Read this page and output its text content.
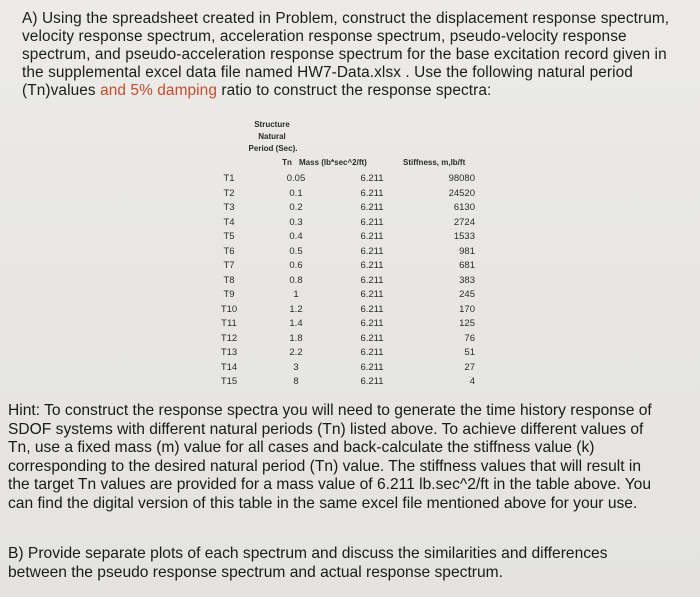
A) Using the spreadsheet created in Problem, construct the displacement response spectrum,

velocity response spectrum, acceleration response spectrum, pseudo-velocity response

spectrum, and pseudo-acceleration response spectrum for the base excitation record given in

the supplemental excel data file named HW7-Data.xlsx . Use the following natural period

(Tn)values and 5% damping ratio to construct the response spectra:

Structure
Natural
Period (Sec).
Tn Mass (lb*sec^2/ft)	Stiffness, m,lb/ft
T1	0.05	6.211	98080
T2	0.1	6.211	24520
T3	0.2	6.211	6130
T4	0.3	6.211	2724
T5	0.4	6.211	1533
T6	0.5	6.211	981
T7	0.6	6.211	681
T8	0.8	6.211	383
T9	1	6.211	245
T10	1.2	6.211	170
T11	1.4	6.211	125
T12	1.8	6.211	76
T13	2.2	6.211	51
T14	3	6.211	27
T15	8	6.211	4
Hint: To construct the response spectra you will need to generate the time history response of
SDOF systems with different natural periods (Tn) listed above. To achieve different values of
Tn, use a fixed mass (m) value for all cases and back-calculate the stiffness value (k)
corresponding to the desired natural period (Tn) value. The stiffness values that will result in
the target Tn values are provided for a mass value of 6.211 lb.sec^2/ft in the table above. You
can find the digital version of this table in the same excel file mentioned above for your use.
B) Provide separate plots of each spectrum and discuss the similarities and differences
between the pseudo response spectrum and actual response spectrum.
